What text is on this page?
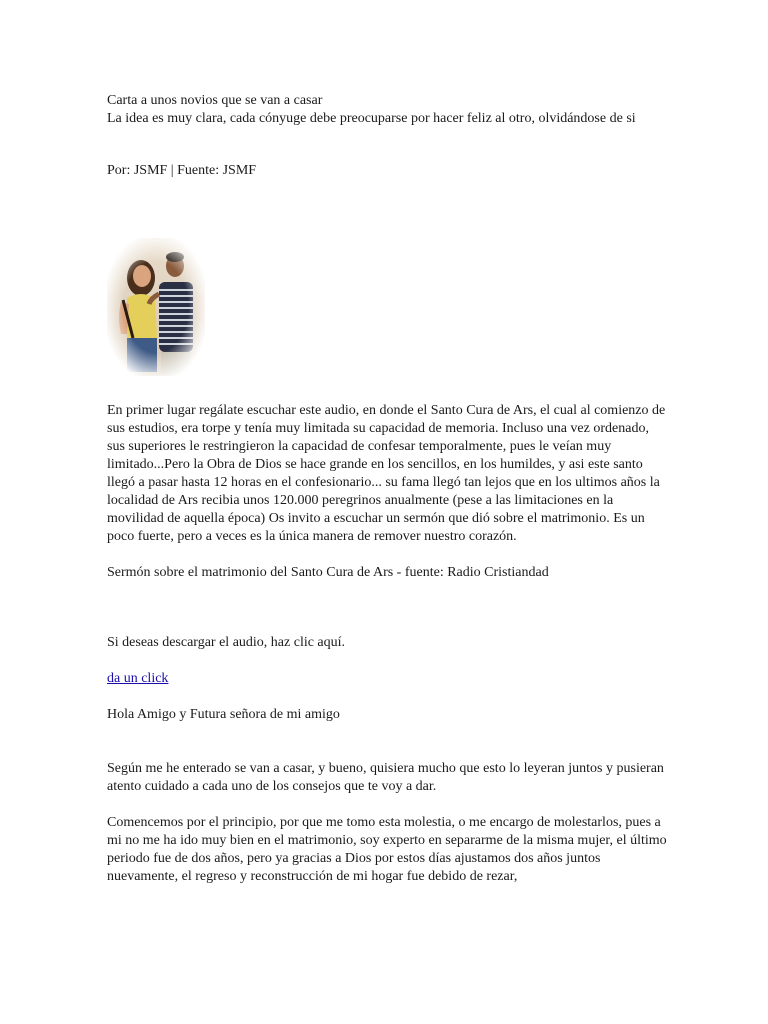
Carta a unos novios que se van a casar

La idea es muy clara, cada cónyuge debe preocuparse por hacer feliz al otro, olvidándose de si

Por: JSMF | Fuente: JSMF

En primer lugar regálate escuchar este audio, en donde el Santo Cura de Ars, el cual al comienzo de sus estudios, era torpe y tenía muy limitada su capacidad de memoria. Incluso una vez ordenado, sus superiores le restringieron la capacidad de confesar temporalmente, pues le veían muy limitado...Pero la Obra de Dios se hace grande en los sencillos, en los humildes, y asi este santo llegó a pasar hasta 12 horas en el confesionario... su fama llegó tan lejos que en los ultimos años la localidad de Ars recibia unos 120.000 peregrinos anualmente (pese a las limitaciones en la movilidad de aquella época) Os invito a escuchar un sermón que dió sobre el matrimonio. Es un poco fuerte, pero a veces es la única manera de remover nuestro corazón.

Sermón sobre el matrimonio del Santo Cura de Ars - fuente: Radio Cristiandad

Si deseas descargar el audio, haz clic aquí.

da un click

Hola Amigo y Futura señora de mi amigo

Según me he enterado se van a casar, y bueno, quisiera mucho que esto lo leyeran juntos y pusieran atento cuidado a cada uno de los consejos que te voy a dar.

Comencemos por el principio, por que me tomo esta molestia, o me encargo de molestarlos, pues a mi no me ha ido muy bien en el matrimonio, soy experto en separarme de la misma mujer, el último periodo fue de dos años, pero ya gracias a Dios por estos días ajustamos dos años juntos nuevamente, el regreso y reconstrucción de mi hogar fue debido de rezar,
